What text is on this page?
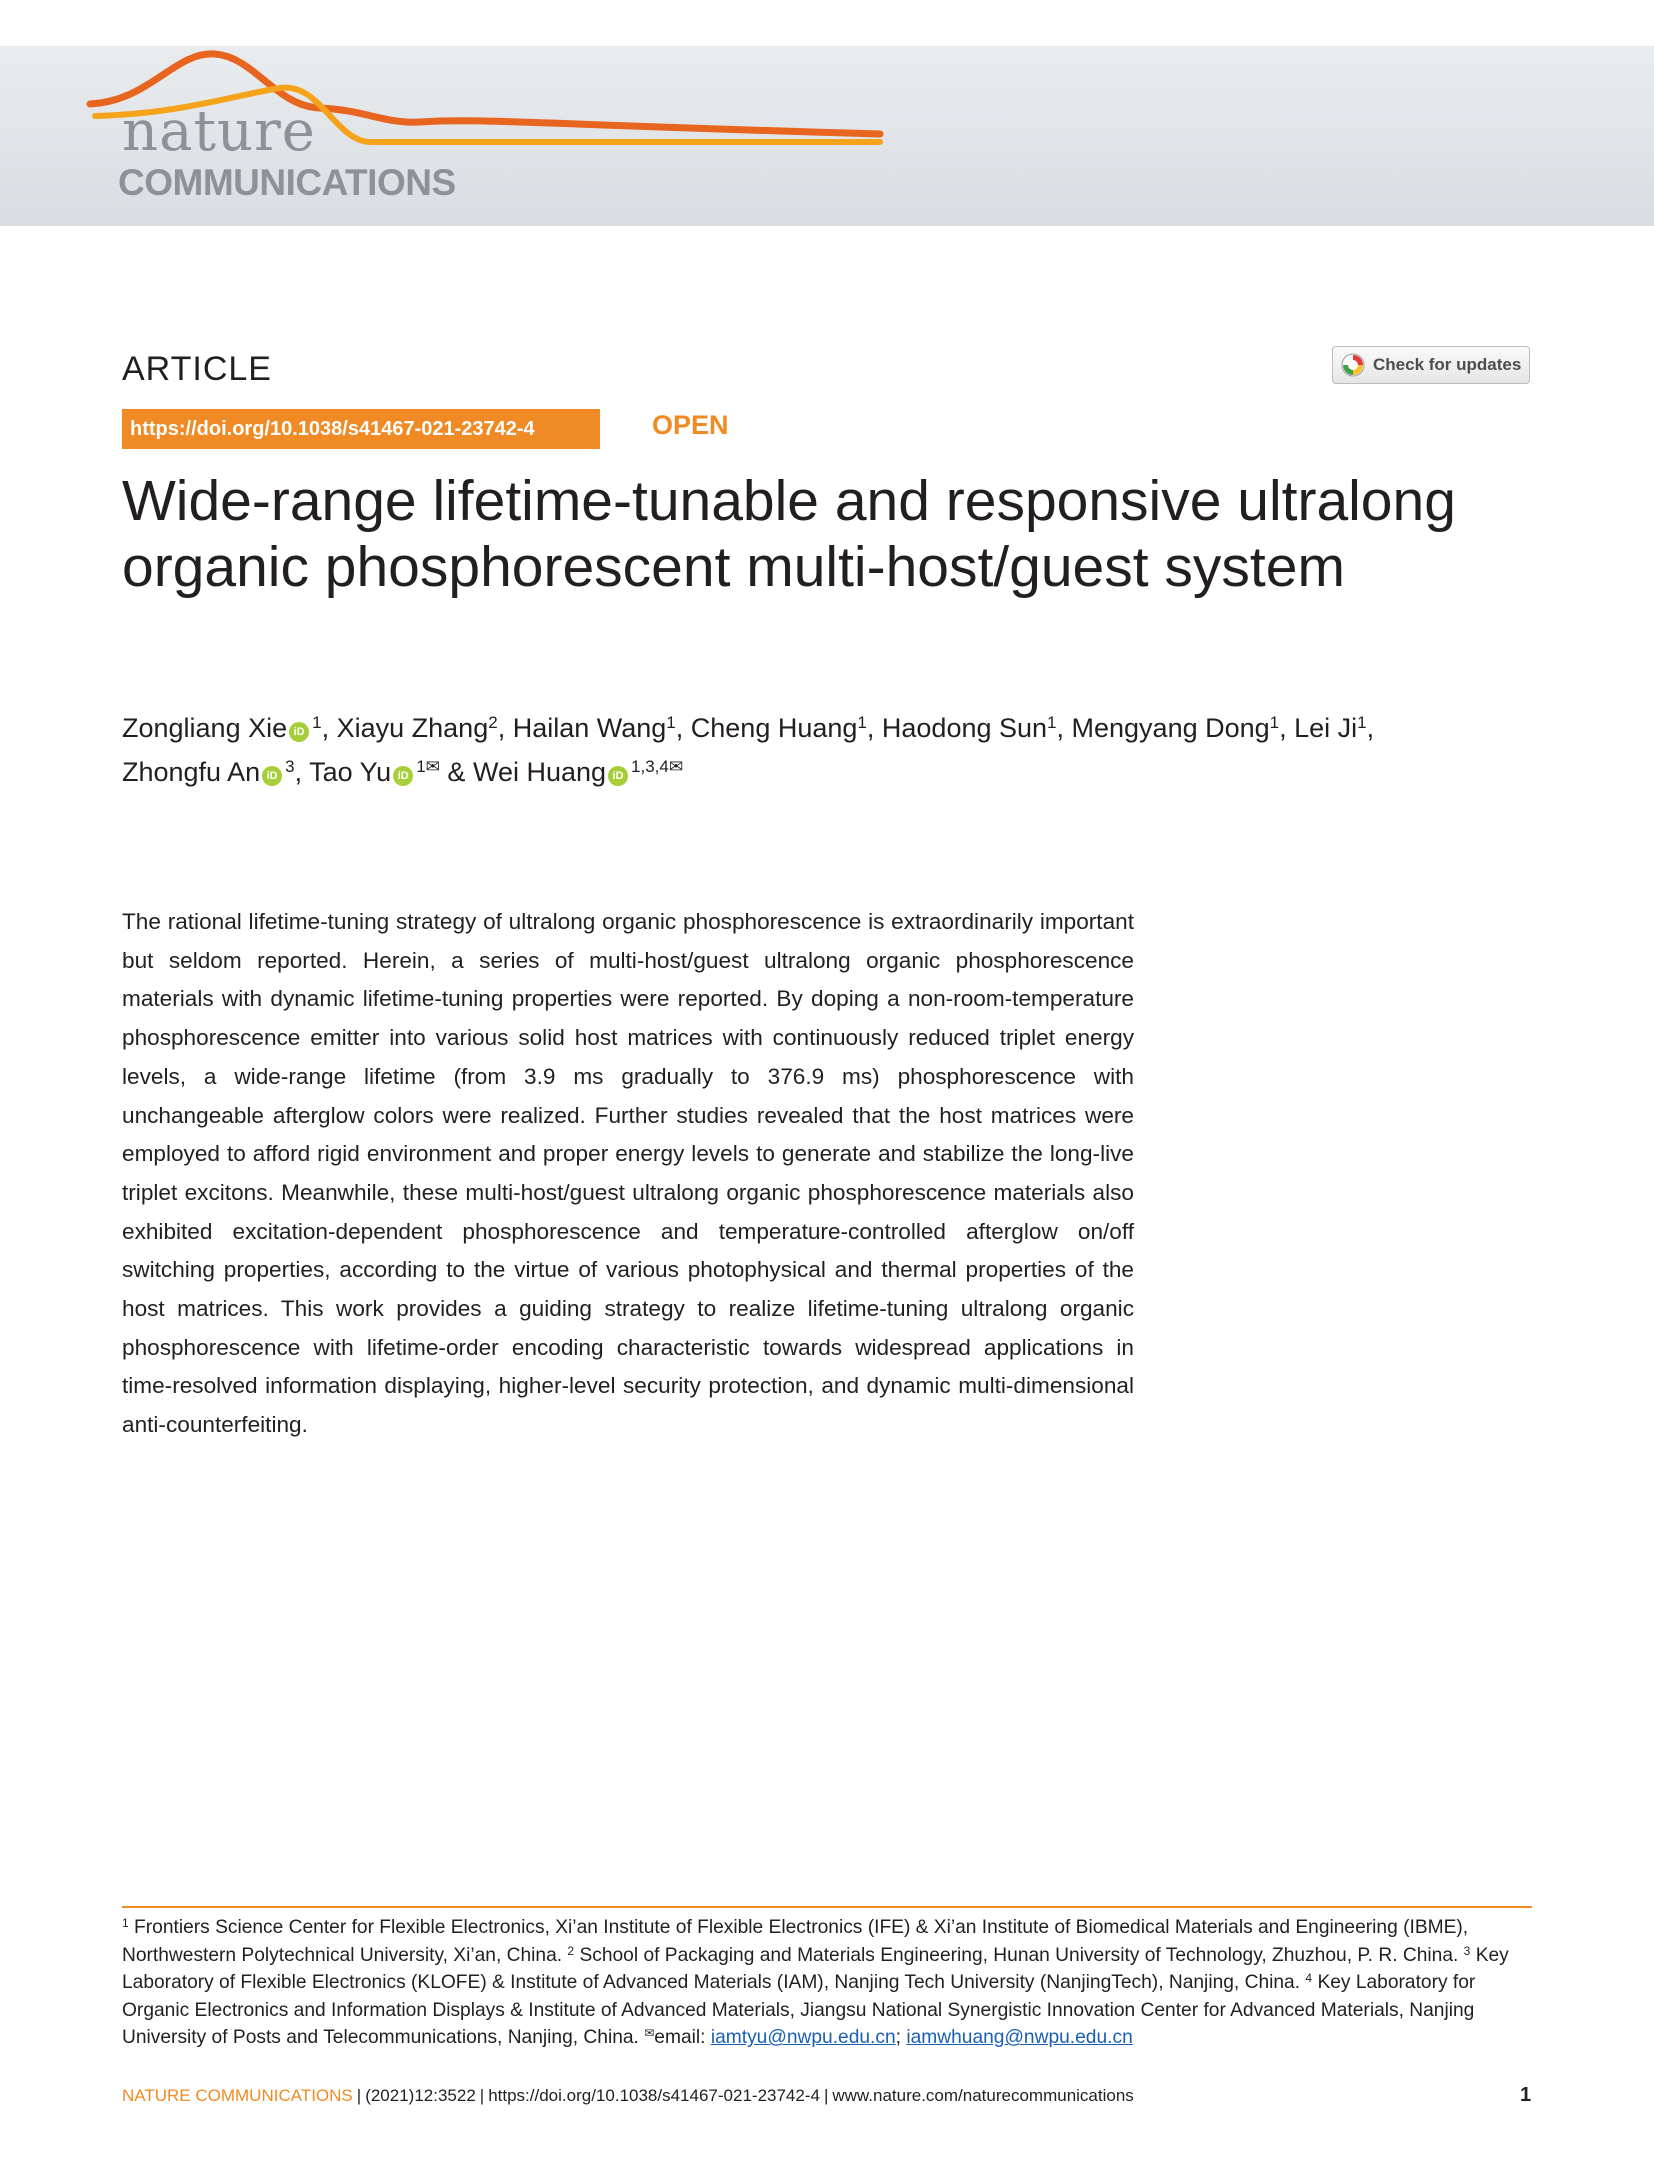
nature
COMMUNICATIONS
ARTICLE	Check for updates
https://doi.org/10.1038/s41467-021-23742-4	OPEN
Wide-range lifetime-tunable and responsive ultralong organic phosphorescent multi-host/guest system
Zongliang Xie iD $^1$, Xiayu Zhang$^2$, Hailan Wang$^1$, Cheng Huang$^1$, Haodong Sun$^1$, Mengyang Dong$^1$, Lei Ji$^1$,
Zhongfu An iD $^3$, Tao Yu iD $^{1✉}$ & Wei Huang iD $^{1,3,4✉}$
The rational lifetime-tuning strategy of ultralong organic phosphorescence is extraordinarily important but seldom reported. Herein, a series of multi-host/guest ultralong organic phosphorescence materials with dynamic lifetime-tuning properties were reported. By doping a non-room-temperature phosphorescence emitter into various solid host matrices with continuously reduced triplet energy levels, a wide-range lifetime (from 3.9 ms gradually to 376.9 ms) phosphorescence with unchangeable afterglow colors were realized. Further studies revealed that the host matrices were employed to afford rigid environment and proper energy levels to generate and stabilize the long-live triplet excitons. Meanwhile, these multi-host/guest ultralong organic phosphorescence materials also exhibited excitation-dependent phosphorescence and temperature-controlled afterglow on/off switching properties, according to the virtue of various photophysical and thermal properties of the host matrices. This work provides a guiding strategy to realize lifetime-tuning ultralong organic phosphorescence with lifetime-order encoding characteristic towards widespread applications in time-resolved information displaying, higher-level security protection, and dynamic multi-dimensional anti-counterfeiting.
$^1$ Frontiers Science Center for Flexible Electronics, Xi’an Institute of Flexible Electronics (IFE) & Xi’an Institute of Biomedical Materials and Engineering (IBME), Northwestern Polytechnical University, Xi’an, China. $^2$ School of Packaging and Materials Engineering, Hunan University of Technology, Zhuzhou, P. R. China. $^3$ Key Laboratory of Flexible Electronics (KLOFE) & Institute of Advanced Materials (IAM), Nanjing Tech University (NanjingTech), Nanjing, China. $^4$ Key Laboratory for Organic Electronics and Information Displays & Institute of Advanced Materials, Jiangsu National Synergistic Innovation Center for Advanced Materials, Nanjing University of Posts and Telecommunications, Nanjing, China. ✉email: iamtyu@nwpu.edu.cn; iamwhuang@nwpu.edu.cn
NATURE COMMUNICATIONS | (2021)12:3522 | https://doi.org/10.1038/s41467-021-23742-4 | www.nature.com/naturecommunications	1
